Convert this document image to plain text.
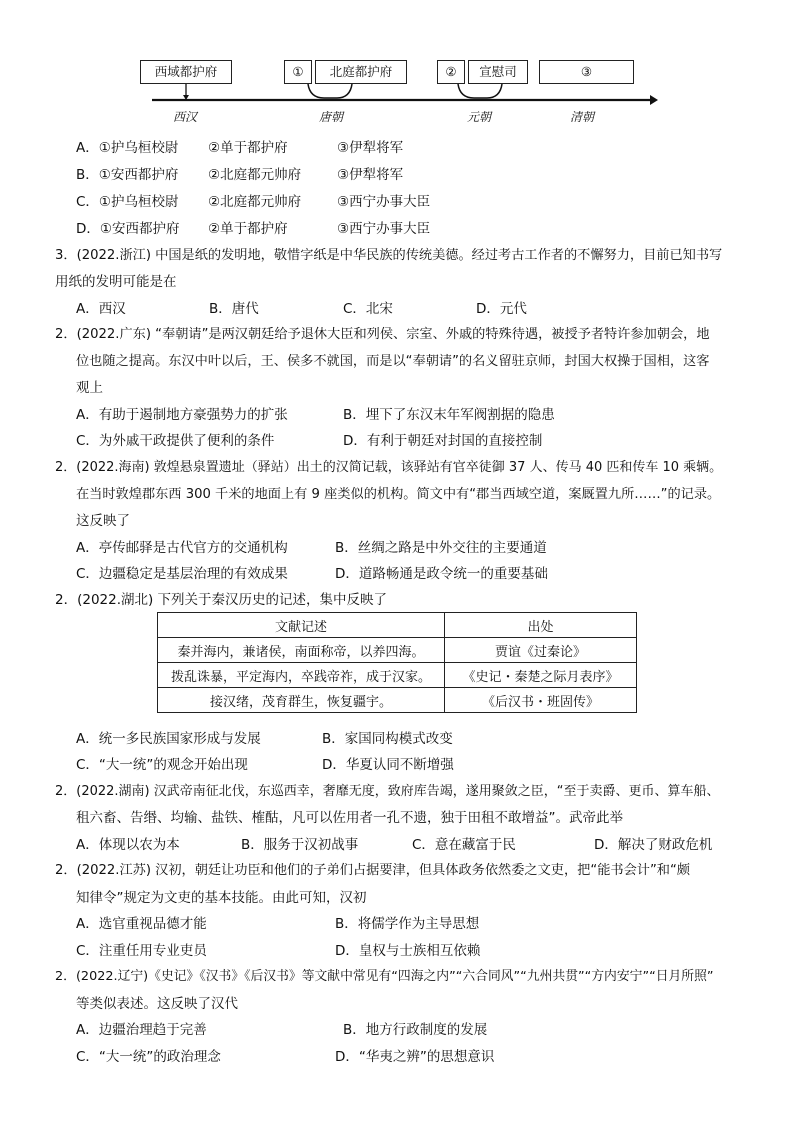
西域都护府	①	北庭都护府	②	宣慰司	③
西汉	唐朝	元朝	清朝
A．①护乌桓校尉 ②单于都护府	③伊犁将军
B．①安西都护府 ②北庭都元帅府	③伊犁将军
C．①护乌桓校尉 ②北庭都元帅府	③西宁办事大臣
D．①安西都护府 ②单于都护府	③西宁办事大臣
3．(2022.浙江) 中国是纸的发明地，敬惜字纸是中华民族的传统美德。经过考古工作者的不懈努力，目前已知书写
用纸的发明可能是在
A．西汉	B．唐代	C．北宋	D．元代
2．(2022.广东) “奉朝请”是两汉朝廷给予退休大臣和列侯、宗室、外戚的特殊待遇，被授予者特许参加朝会，地
位也随之提高。东汉中叶以后，王、侯多不就国，而是以“奉朝请”的名义留驻京师，封国大权操于国相，这客
观上
A．有助于遏制地方豪强势力的扩张	B．埋下了东汉末年军阀割据的隐患
C．为外戚干政提供了便利的条件	D．有利于朝廷对封国的直接控制
2．(2022.海南) 敦煌悬泉置遗址（驿站）出土的汉简记载，该驿站有官卒徒御 37 人、传马 40 匹和传车 10 乘辆。
在当时敦煌郡东西 300 千米的地面上有 9 座类似的机构。简文中有“郡当西域空道，案厩置九所……”的记录。
这反映了
A．亭传邮驿是古代官方的交通机构	B．丝绸之路是中外交往的主要通道
C．边疆稳定是基层治理的有效成果	D．道路畅通是政令统一的重要基础
2．(2022.湖北) 下列关于秦汉历史的记述，集中反映了
文献记述	出处
秦并海内，兼诸侯，南面称帝，以养四海。	贾谊《过秦论》
拨乱诛暴，平定海内，卒践帝祚，成于汉家。	《史记・秦楚之际月表序》
接汉绪，茂育群生，恢复疆宇。	《后汉书・班固传》
A．统一多民族国家形成与发展	B．家国同构模式改变
C．“大一统”的观念开始出现	D．华夏认同不断增强
2．(2022.湖南) 汉武帝南征北伐，东巡西幸，奢靡无度，致府库告竭，遂用聚敛之臣，“至于卖爵、更币、算车船、
租六畜、告缗、均输、盐铁、榷酤，凡可以佐用者一孔不遗，独于田租不敢增益”。武帝此举
A．体现以农为本	B．服务于汉初战事	C．意在藏富于民	D．解决了财政危机
2．(2022.江苏) 汉初，朝廷让功臣和他们的子弟们占据要津，但具体政务依然委之文吏，把“能书会计”和“颇
知律令”规定为文吏的基本技能。由此可知，汉初
A．选官重视品德才能	B．将儒学作为主导思想
C．注重任用专业吏员	D．皇权与士族相互依赖
2．(2022.辽宁)《史记》《汉书》《后汉书》等文献中常见有“四海之内”“六合同风”“九州共贯”“方内安宁”“日月所照”
等类似表述。这反映了汉代
A．边疆治理趋于完善	B．地方行政制度的发展
C．“大一统”的政治理念	D．“华夷之辨”的思想意识
